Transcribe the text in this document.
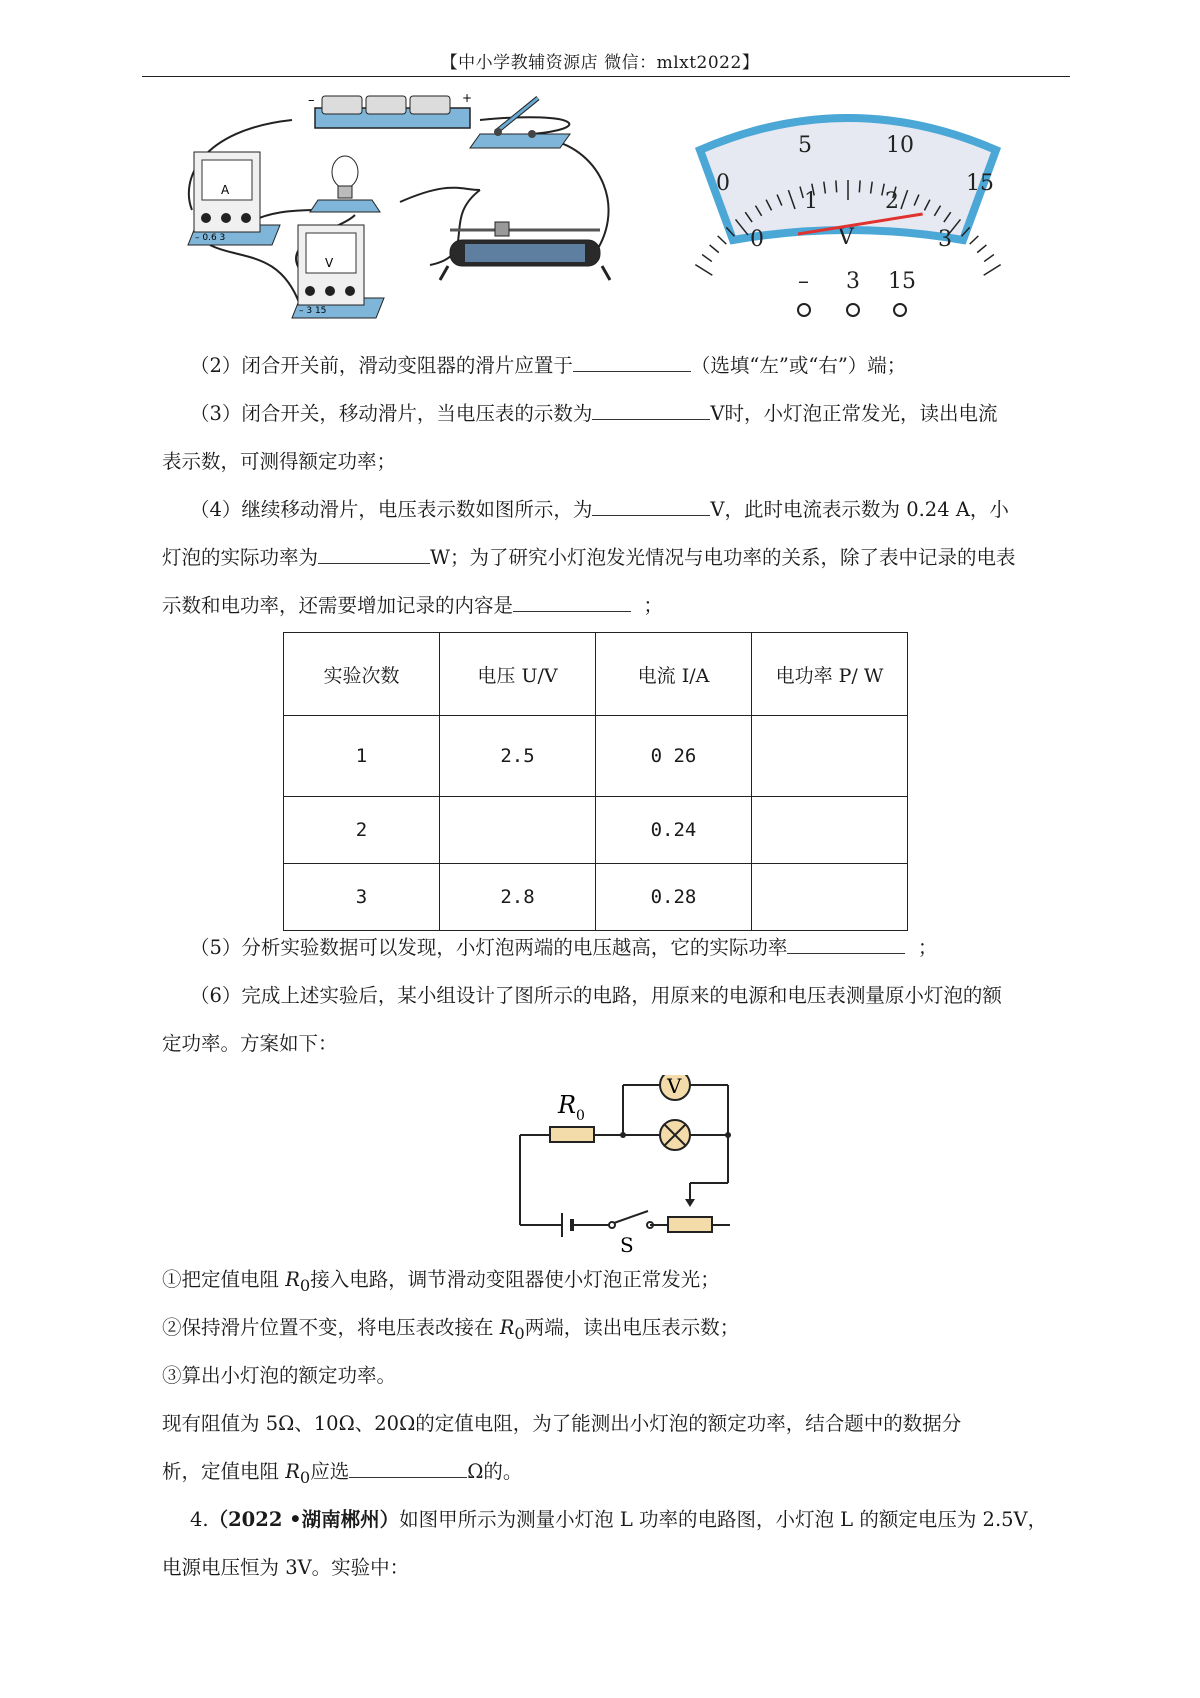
【中小学教辅资源店 微信：mlxt2022】
–	+
A
– 0.6 3
V
– 3 15
0
5	10
15
0
1	2
3
V
– 3 15
（2）闭合开关前，滑动变阻器的滑片应置于	（选填“左”或“右”）端；
（3）闭合开关，移动滑片，当电压表的示数为	V时，小灯泡正常发光，读出电流
表示数，可测得额定功率；
（4）继续移动滑片，电压表示数如图所示，为	V，此时电流表示数为 0.24 A，小
灯泡的实际功率为	W；为了研究小灯泡发光情况与电功率的关系，除了表中记录的电表
示数和电功率，还需要增加记录的内容是	；
实验次数	电压 U/V	电流 I/A	电功率 P/ W
1	2.5	0 26	
2		0.24	
3	2.8	0.28	
（5）分析实验数据可以发现，小灯泡两端的电压越高，它的实际功率	；
（6）完成上述实验后，某小组设计了图所示的电路，用原来的电源和电压表测量原小灯泡的额
定功率。方案如下：
R 0
V
S
①把定值电阻 $R_0$接入电路，调节滑动变阻器使小灯泡正常发光；
②保持滑片位置不变，将电压表改接在 $R_0$两端，读出电压表示数；
③算出小灯泡的额定功率。
现有阻值为 5Ω、10Ω、20Ω的定值电阻，为了能测出小灯泡的额定功率，结合题中的数据分
析，定值电阻 $R_0$应选	Ω的。
4.（2022 •湖南郴州）如图甲所示为测量小灯泡 L 功率的电路图，小灯泡 L 的额定电压为 2.5V，
电源电压恒为 3V。实验中：
